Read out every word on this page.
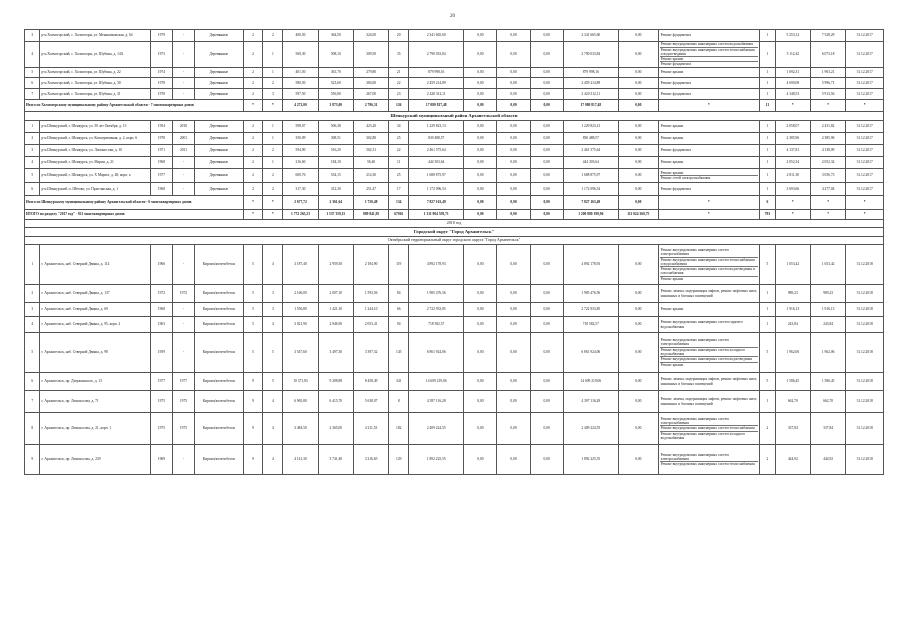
20
3	р-н Холмогорский, с. Холмогоры, ул. Меньшиковская, д. 64	1979	-	Деревянные	2	2	400,50	364,50	324,00	20	2 341 665,60	0,00	0,00	0,00	2 341 665,60	0,00	Ремонт фундамента	1	5 253,12	7 528,29	31.12.2017
4	р-н Холмогорский, с. Холмогоры, ул. Шубина, д. 14А	1973	-	Деревянные	2	1	569,30	508,10	309,50	35	2 790 033,84	0,00	0,00	0,00	2 790 033,84	0,00	Ремонт внутридомовых инженерных систем водоснабжения
Ремонт внутридомовых инженерных систем теплоснабжения и водоотведения
Ремонт крыши
Ремонт фундамента	1	5 112,42	6 073,18	31.12.2017
5	р-н Холмогорский, с. Холмогоры, ул. Шубина, д. 22	1974	-	Деревянные	2	1	401,50	361,70	279,80	21	879 998,16	0,00	0,00	0,00	879 998,16	0,00	Ремонт крыши	1	1 692,31	1 903,21	31.12.2017
6	р-н Холмогорский, с. Холмогоры, ул. Шубина, д. 30	1978	-	Деревянные	2	2	580,50	523,60	384,00	22	2 459 214,89	0,00	0,00	0,00	2 459 214,89	0,00	Ремонт фундамента	1	4 690,08	5 996,71	31.12.2017
7	р-н Холмогорский, с. Холмогоры, ул. Шубина, д. 31	1978	-	Деревянные	2	3	597,50	556,80	267,00	23	2 420 312,11	0,00	0,00	0,00	2 420 312,11	0,00	Ремонт фундамента	1	4 348,53	5 913,56	31.12.2017
Итого по Холмогорскому муниципальному району Архангельской области - 7 многоквартирных домов					*	*	4 272,00	3 873,00	2 796,31	126	17 080 817,48	0,00	0,00	0,00	17 080 817,48	0,00	*	11	*	*	*
Шенкурский муниципальный район Архангельской области																					
1	р-н Шенкурский, г. Шенкурск, ул. 50 лет Октября, д. 13	1954	2010	Деревянные	2	1	598,07	506,38	423,20	34	1 229 823,13	0,00	0,00	0,00	1 229 823,13	0,00	Ремонт крыши	1	2 058,07	2 431,82	31.12.2017
2	р-н Шенкурский, г. Шенкурск, ул. Кооперативная, д. 2, корп. 6	1978	2001	Деревянные	2	1	350,09	308,51	302,80	25	830 488,57	0,00	0,00	0,00	830 488,57	0,00	Ремонт крыши	1	2 385,96	2 385,96	31.12.2017
3	р-н Шенкурский, г. Шенкурск, ул. Ломоносова, д. 10	1971	2011	Деревянные	2	2	594,90	516,20	502,31	22	2 461 575,64	0,00	0,00	0,00	2 461 575,64	0,00	Ремонт фундамента	1	4 137,81	4 138,09	31.12.2017
4	р-н Шенкурский, г. Шенкурск, ул. Марии, д. 21	1968	-	Деревянные	2	1	216,60	184,10	56,40	11	444 303,64	0,00	0,00	0,00	444 303,64	0,00	Ремонт крыши	1	2 052,34	2 052,34	31.12.2017
5	р-н Шенкурский, г. Шенкурск, ул. Х Марата, д. 48, корп. а	1977	-	Деревянные	2	2	600,76	534,15	214,30	25	1 688 875,97	0,00	0,00	0,00	1 688 875,97	0,00	Ремонт крыши
Ремонт сетей электроснабжения	1	2 811,30	3 056,73	31.12.2017
6	р-н Шенкурский, п. Шёгово, ул. Пристанская, д. 1	1968	-	Деревянные	2	2	317,30	312,30	251,47	17	1 172 096,54	0,00	0,00	0,00	1 172 096,54	0,00	Ремонт фундамента	1	3 693,66	4 277,04	31.12.2017
Итого по Шенкурскому муниципальному району Архангельской области - 6 многоквартирных домов					*	*	2 677,72	2 361,64	1 750,48	134	7 827 163,49	0,00	0,00	0,00	7 827 163,49	0,00	*	6	*	*	*
ИТОГО по разделу "2017 год" - 811 многоквартирных домов					*	*	1 772 265,23	1 537 359,15	889 841,95	67016	1 311 904 559,71	0,00	0,00	0,00	1 200 880 198,96	111 024 360,75	*	793	*	*	*
2018 год																					
Городской округ "Город Архангельск"																					
Октябрьский территориальный округ городского округа "Город Архангельск"																					
1	г. Архангельск, наб. Северной Двины, д. 114	1966	-	Кирпич/железобетон	5	4	3 187,40	2 959,50	2 184,90	119	4 892 178,93	0,00	0,00	0,00	4 892 178,93	0,00	Ремонт внутридомовых инженерных систем электроснабжения
Ремонт внутридомовых инженерных систем теплоснабжения и водоснабжения
Ремонт внутридомовых инженерных систем водоотведения и газоснабжения
Ремонт крыши	5	1 653,42	1 653,42	31.12.2018
2	г. Архангельск, наб. Северной Двины, д. 137	1972	1972	Кирпич/железобетон	5	3	2 166,00	2 007,10	1 593,56	84	1 985 476,56	0,00	0,00	0,00	1 985 476,56	0,00	Ремонт, замена, модернизация лифтов, ремонт лифтовых шахт, машинных и блочных помещений	1	989,23	989,23	31.12.2018
3	г. Архангельск, наб. Северной Двины, д. 69	1968	-	Кирпич/железобетон	5	3	1 556,80	1 421,10	1 244,10	66	2 722 933,85	0,00	0,00	0,00	2 722 933,85	0,00	Ремонт крыши	1	1 916,13	1 916,13	31.12.2018
4	г. Архангельск, наб. Северной Двины, д. 95, корп. 2	1963	-	Кирпич/железобетон	5	4	3 021,90	2 946,90	2 053,41	94	718 582,57	0,00	0,00	0,00	718 582,57	0,00	Ремонт внутридомовых инженерных систем горячего водоснабжения	1	243,84	243,84	31.12.2018
5	г. Архангельск, наб. Северной Двины, д. 98	1959	-	Кирпич/железобетон	5	5	3 547,60	3 497,30	3 397,32	145	6 861 924,06	0,00	0,00	0,00	6 861 924,06	0,00	Ремонт внутридомовых инженерных систем электроснабжения
Ремонт внутридомовых инженерных систем холодного водоснабжения
Ремонт внутридомовых инженерных систем водоотведения
Ремонт крыши	5	1 962,06	1 962,06	31.12.2018
6	г. Архангельск, пр. Дзержинского, д. 13	1977	1977	Кирпич/железобетон	9	5	10 371,83	9 208,88	8 458,49	341	14 609 219,06	0,00	0,00	0,00	14 609 219,06	0,00	Ремонт, замена, модернизация лифтов, ремонт лифтовых шахт, машинных и блочных помещений	5	1 586,45	1 586,45	31.12.2018
7	г. Архангельск, пр. Ломоносова, д. 71	1975	1975	Кирпич/железобетон	9	4	6 965,80	6 415,70	5 638,07	8	4 397 116,28	0,00	0,00	0,00	4 397 116,28	0,00	Ремонт, замена, модернизация лифтов, ремонт лифтовых шахт, машинных и блочных помещений	1	662,70	662,70	31.12.2018
8	г. Архангельск, пр. Ломоносова, д. 21, корп. 1	1975	1975	Кирпич/железобетон	9	4	3 484,50	2 365,00	4 211,53	182	2 409 224,55	0,00	0,00	0,00	2 409 224,55	0,00	Ремонт внутридомовых инженерных систем электроснабжения
Ремонт внутридомовых инженерных систем теплоснабжения
Ремонт внутридомовых инженерных систем холодного водоснабжения	2	337,84	337,84	31.12.2018
9	г. Архангельск, пр. Ломоносова, д. 239	1969	-	Кирпич/железобетон	9	4	4 141,30	3 741,40	3 216,65	129	1 892 225,55	0,00	0,00	0,00	1 892 225,55	0,00	Ремонт внутридомовых инженерных систем электроснабжения
Ремонт внутридомовых инженерных систем теплоснабжения	2	444,92	444,92	31.12.2018
